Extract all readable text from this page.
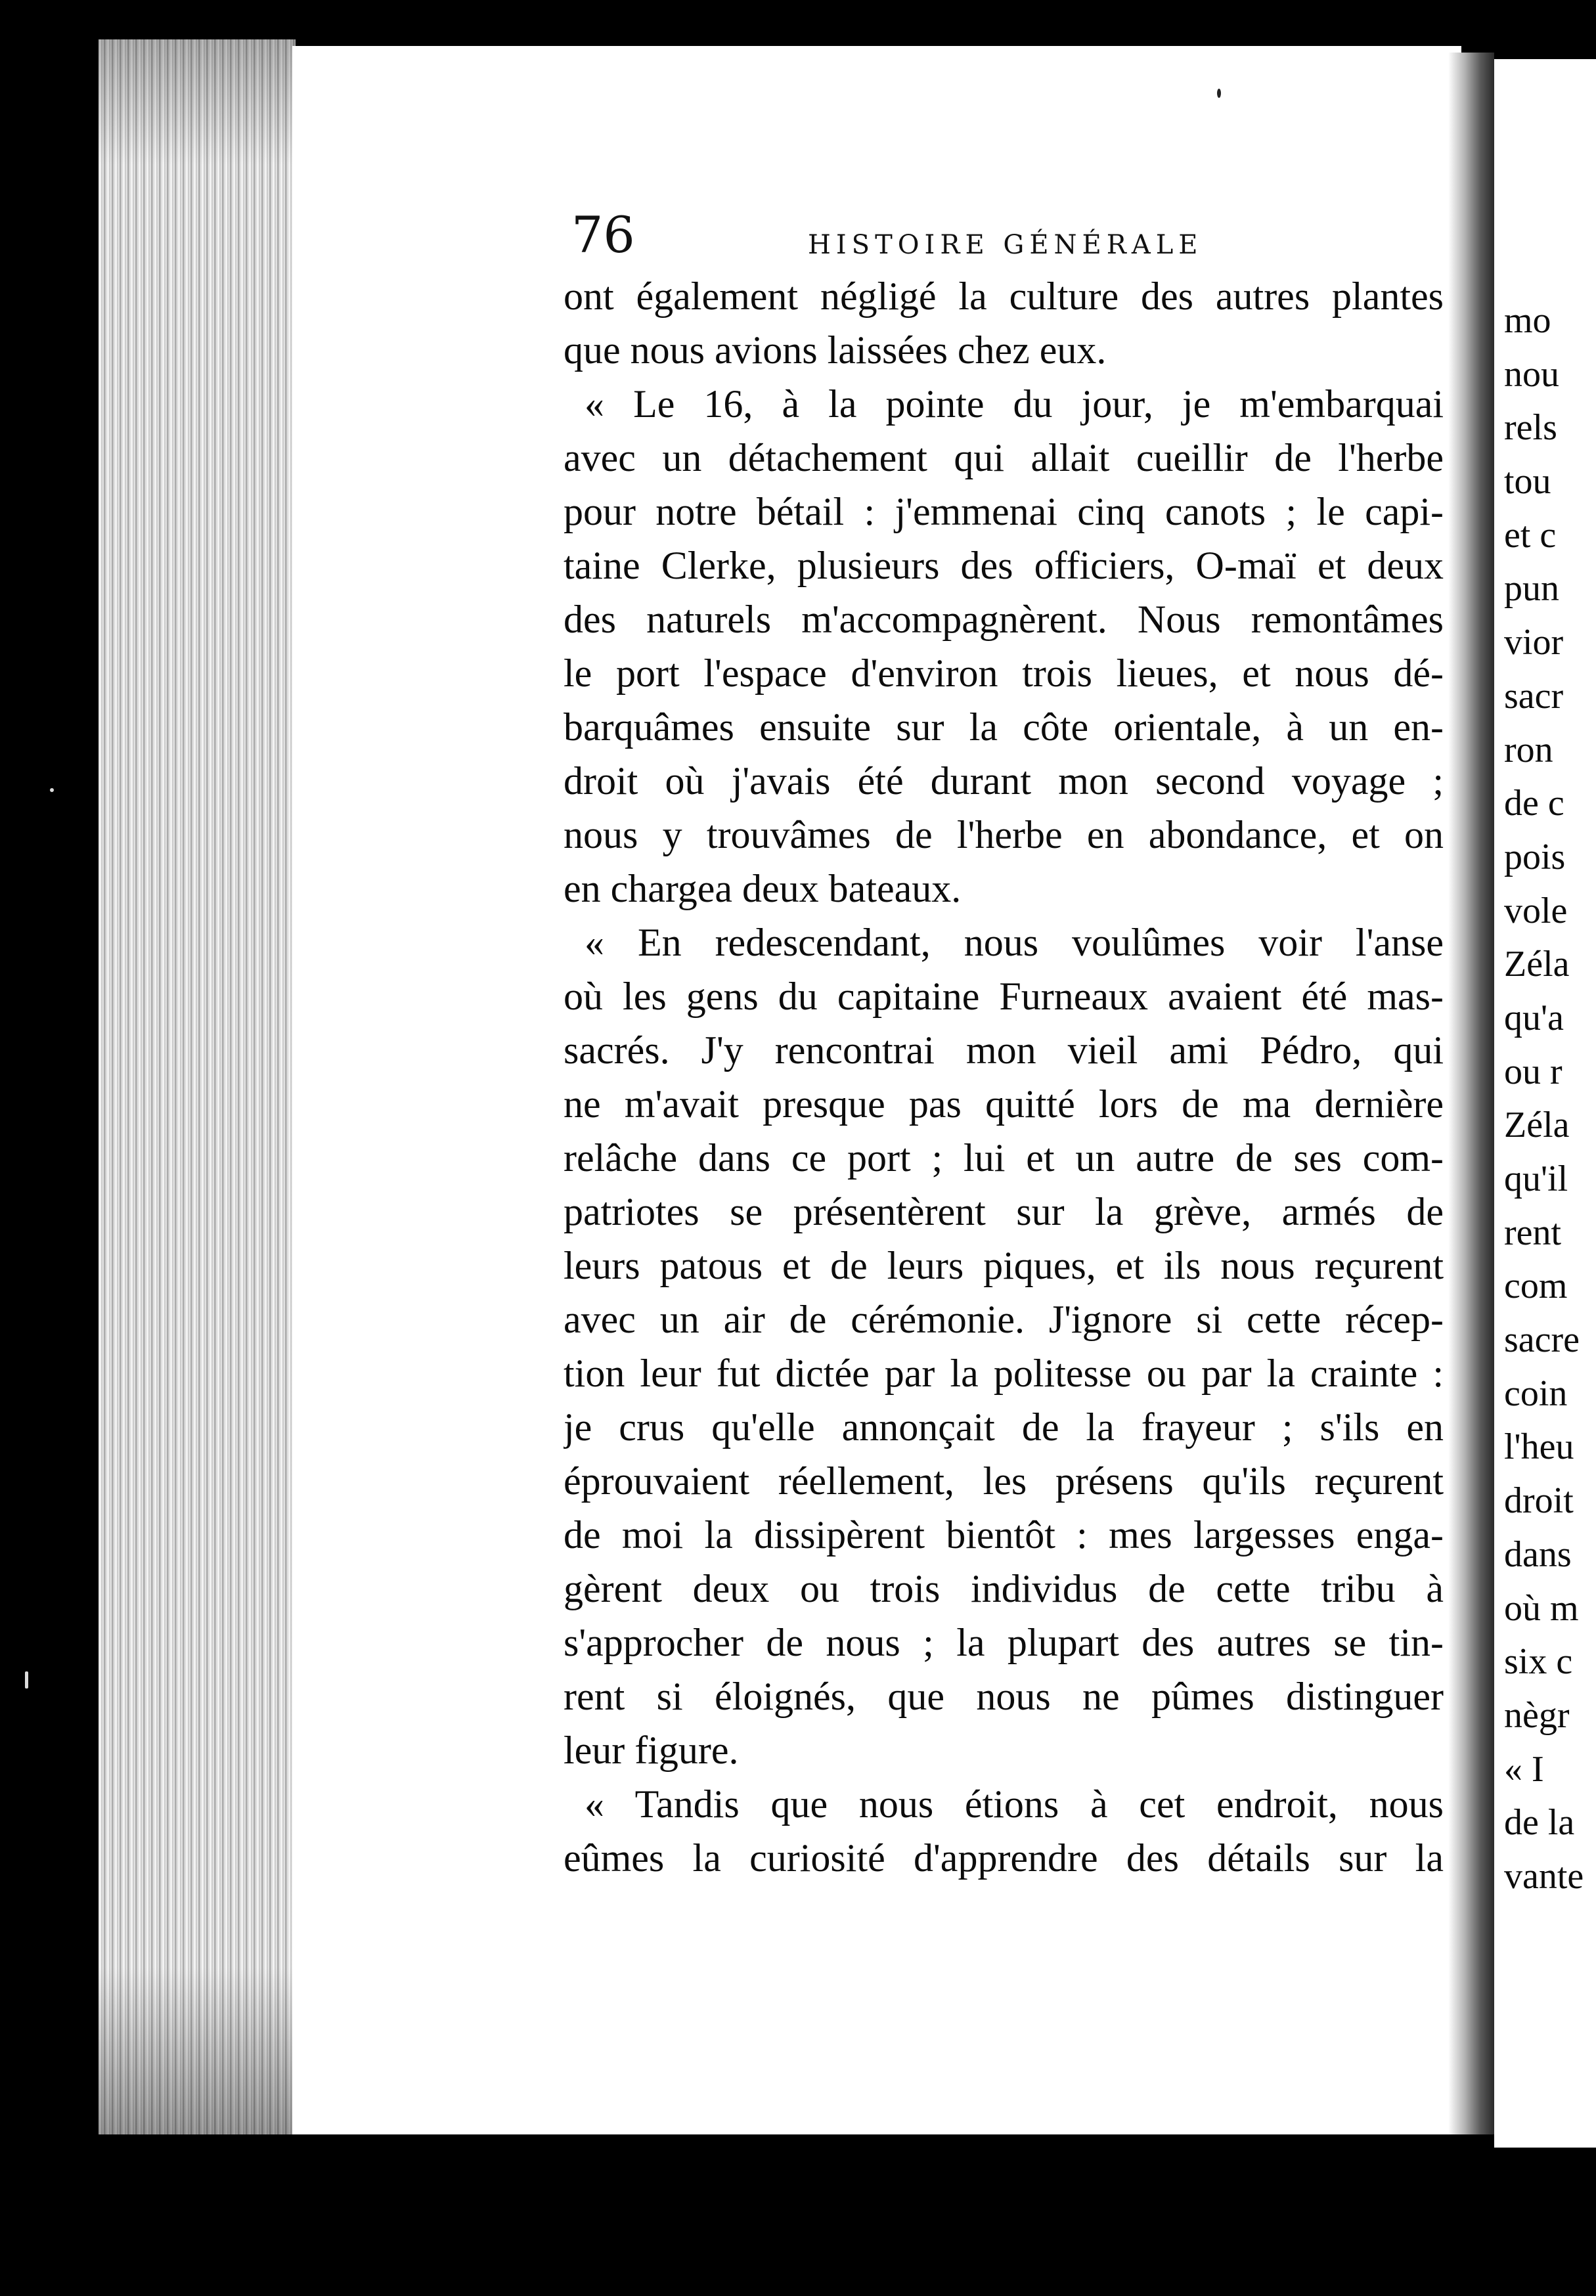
76	HISTOIRE GÉNÉRALE
ont également négligé la culture des autres plantes
que nous avions laissées chez eux.
« Le 16, à la pointe du jour, je m'embarquai
avec un détachement qui allait cueillir de l'herbe
pour notre bétail : j'emmenai cinq canots ; le capi-
taine Clerke, plusieurs des officiers, O-maï et deux
des naturels m'accompagnèrent. Nous remontâmes
le port l'espace d'environ trois lieues, et nous dé-
barquâmes ensuite sur la côte orientale, à un en-
droit où j'avais été durant mon second voyage ;
nous y trouvâmes de l'herbe en abondance, et on
en chargea deux bateaux.
« En redescendant, nous voulûmes voir l'anse
où les gens du capitaine Furneaux avaient été mas-
sacrés. J'y rencontrai mon vieil ami Pédro, qui
ne m'avait presque pas quitté lors de ma dernière
relâche dans ce port ; lui et un autre de ses com-
patriotes se présentèrent sur la grève, armés de
leurs patous et de leurs piques, et ils nous reçurent
avec un air de cérémonie. J'ignore si cette récep-
tion leur fut dictée par la politesse ou par la crainte :
je crus qu'elle annonçait de la frayeur ; s'ils en
éprouvaient réellement, les présens qu'ils reçurent
de moi la dissipèrent bientôt : mes largesses enga-
gèrent deux ou trois individus de cette tribu à
s'approcher de nous ; la plupart des autres se tin-
rent si éloignés, que nous ne pûmes distinguer
leur figure.
« Tandis que nous étions à cet endroit, nous
eûmes la curiosité d'apprendre des détails sur la
mo
nou
rels
tou
et c
pun
vior
sacr
ron
de c
pois
vole
Zéla
qu'a
ou r
Zéla
qu'il
rent
com
sacre
coin
l'heu
droit
dans
où m
six c
nègr
« I
de la
vante
